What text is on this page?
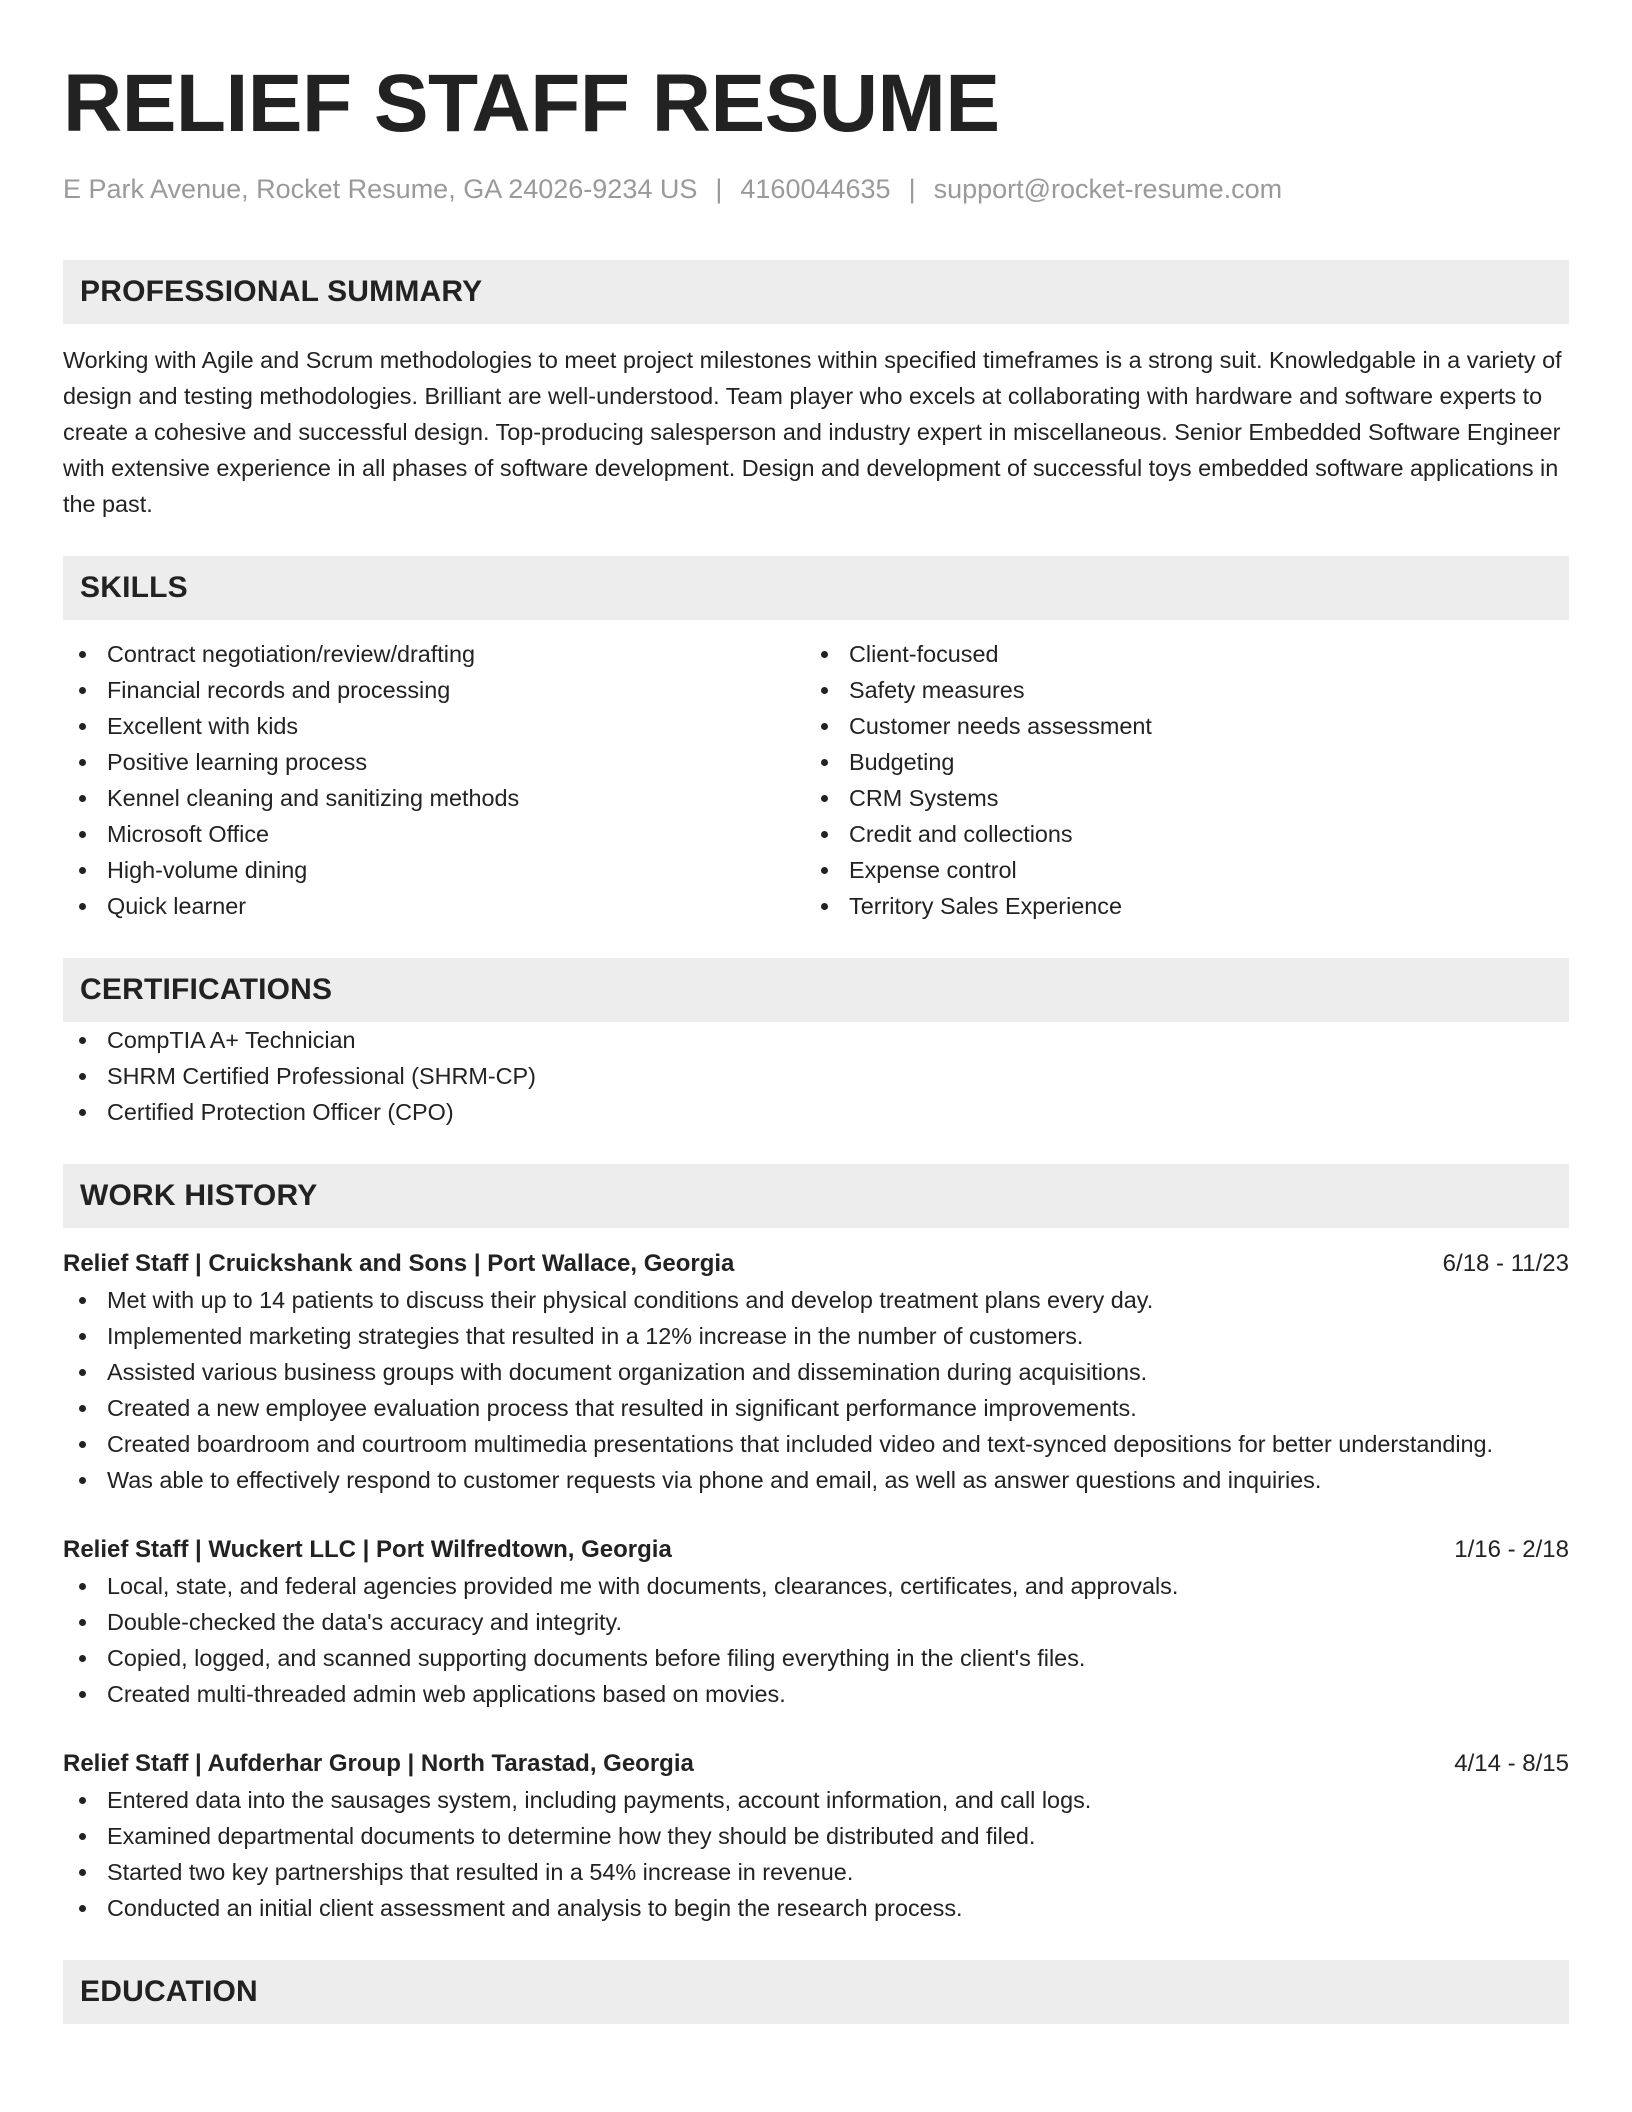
RELIEF STAFF RESUME
E Park Avenue, Rocket Resume, GA 24026-9234 US | 4160044635 | support@rocket-resume.com
PROFESSIONAL SUMMARY

Working with Agile and Scrum methodologies to meet project milestones within specified timeframes is a strong suit. Knowledgable in a variety of design and testing methodologies. Brilliant are well-understood. Team player who excels at collaborating with hardware and software experts to create a cohesive and successful design. Top-producing salesperson and industry expert in miscellaneous. Senior Embedded Software Engineer with extensive experience in all phases of software development. Design and development of successful toys embedded software applications in the past.

SKILLS
Contract negotiation/review/drafting
Financial records and processing
Excellent with kids
Positive learning process
Kennel cleaning and sanitizing methods
Microsoft Office
High-volume dining
Quick learner
Client-focused
Safety measures
Customer needs assessment
Budgeting
CRM Systems
Credit and collections
Expense control
Territory Sales Experience
CERTIFICATIONS
CompTIA A+ Technician
SHRM Certified Professional (SHRM-CP)
Certified Protection Officer (CPO)
WORK HISTORY
Relief Staff | Cruickshank and Sons | Port Wallace, Georgia	6/18 - 11/23
Met with up to 14 patients to discuss their physical conditions and develop treatment plans every day.
Implemented marketing strategies that resulted in a 12% increase in the number of customers.
Assisted various business groups with document organization and dissemination during acquisitions.
Created a new employee evaluation process that resulted in significant performance improvements.
Created boardroom and courtroom multimedia presentations that included video and text-synced depositions for better understanding.
Was able to effectively respond to customer requests via phone and email, as well as answer questions and inquiries.
Relief Staff | Wuckert LLC | Port Wilfredtown, Georgia	1/16 - 2/18
Local, state, and federal agencies provided me with documents, clearances, certificates, and approvals.
Double-checked the data's accuracy and integrity.
Copied, logged, and scanned supporting documents before filing everything in the client's files.
Created multi-threaded admin web applications based on movies.
Relief Staff | Aufderhar Group | North Tarastad, Georgia	4/14 - 8/15
Entered data into the sausages system, including payments, account information, and call logs.
Examined departmental documents to determine how they should be distributed and filed.
Started two key partnerships that resulted in a 54% increase in revenue.
Conducted an initial client assessment and analysis to begin the research process.
EDUCATION
